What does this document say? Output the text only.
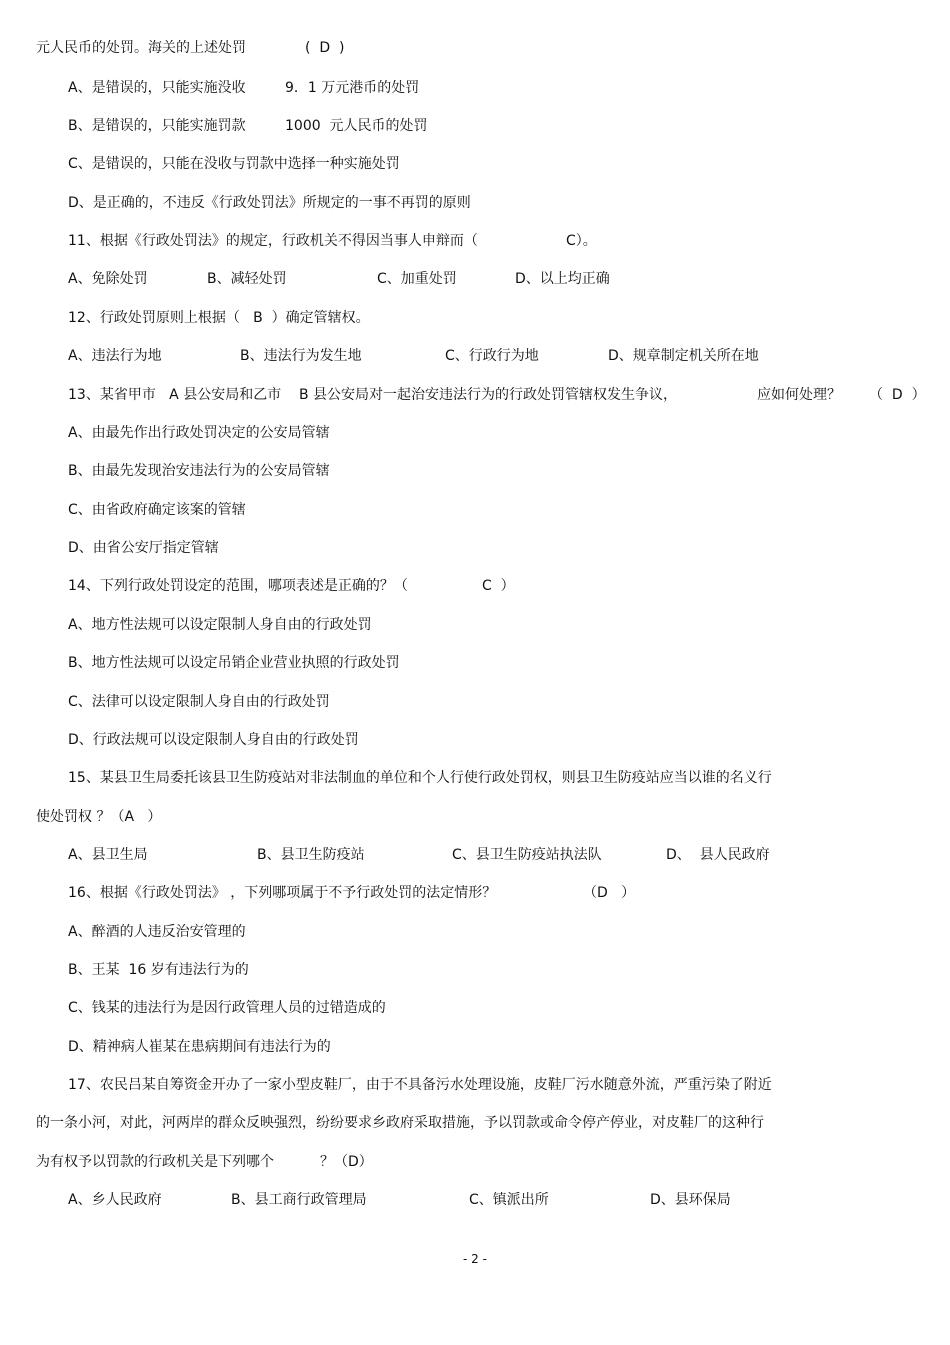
元人民币的处罚。海关的上述处罚	(  D  )
A、是错误的，只能实施没收	9．1 万元港币的处罚
B、是错误的，只能实施罚款	1000  元人民币的处罚
C、是错误的，只能在没收与罚款中选择一种实施处罚
D、是正确的，不违反《行政处罚法》所规定的一事不再罚的原则
11、根据《行政处罚法》的规定，行政机关不得因当事人申辩而（	C）。
A、免除处罚	B、减轻处罚	C、加重处罚	D、以上均正确
12、行政处罚原则上根据（   B  ）确定管辖权。
A、违法行为地	B、违法行为发生地	C、行政行为地	D、规章制定机关所在地
13、某省甲市   A 县公安局和乙市    B 县公安局对一起治安违法行为的行政处罚管辖权发生争议，	应如何处理？ （  D  ）
A、由最先作出行政处罚决定的公安局管辖
B、由最先发现治安违法行为的公安局管辖
C、由省政府确定该案的管辖
D、由省公安厅指定管辖
14、下列行政处罚设定的范围，哪项表述是正确的？（	C  ）
A、地方性法规可以设定限制人身自由的行政处罚
B、地方性法规可以设定吊销企业营业执照的行政处罚
C、法律可以设定限制人身自由的行政处罚
D、行政法规可以设定限制人身自由的行政处罚
15、某县卫生局委托该县卫生防疫站对非法制血的单位和个人行使行政处罚权，则县卫生防疫站应当以谁的名义行
使处罚权 ？（A   ）
A、县卫生局	B、县卫生防疫站	C、县卫生防疫站执法队	D、  县人民政府
16、根据《行政处罚法》 ，下列哪项属于不予行政处罚的法定情形？	（D   ）
A、醉酒的人违反治安管理的
B、王某  16 岁有违法行为的
C、钱某的违法行为是因行政管理人员的过错造成的
D、精神病人崔某在患病期间有违法行为的
17、农民吕某自筹资金开办了一家小型皮鞋厂，由于不具备污水处理设施，皮鞋厂污水随意外流，严重污染了附近
的一条小河，对此，河两岸的群众反映强烈，纷纷要求乡政府采取措施，予以罚款或命令停产停业，对皮鞋厂的这种行
为有权予以罚款的行政机关是下列哪个	？（D）
A、乡人民政府	B、县工商行政管理局	C、镇派出所	D、县环保局
- 2 -
